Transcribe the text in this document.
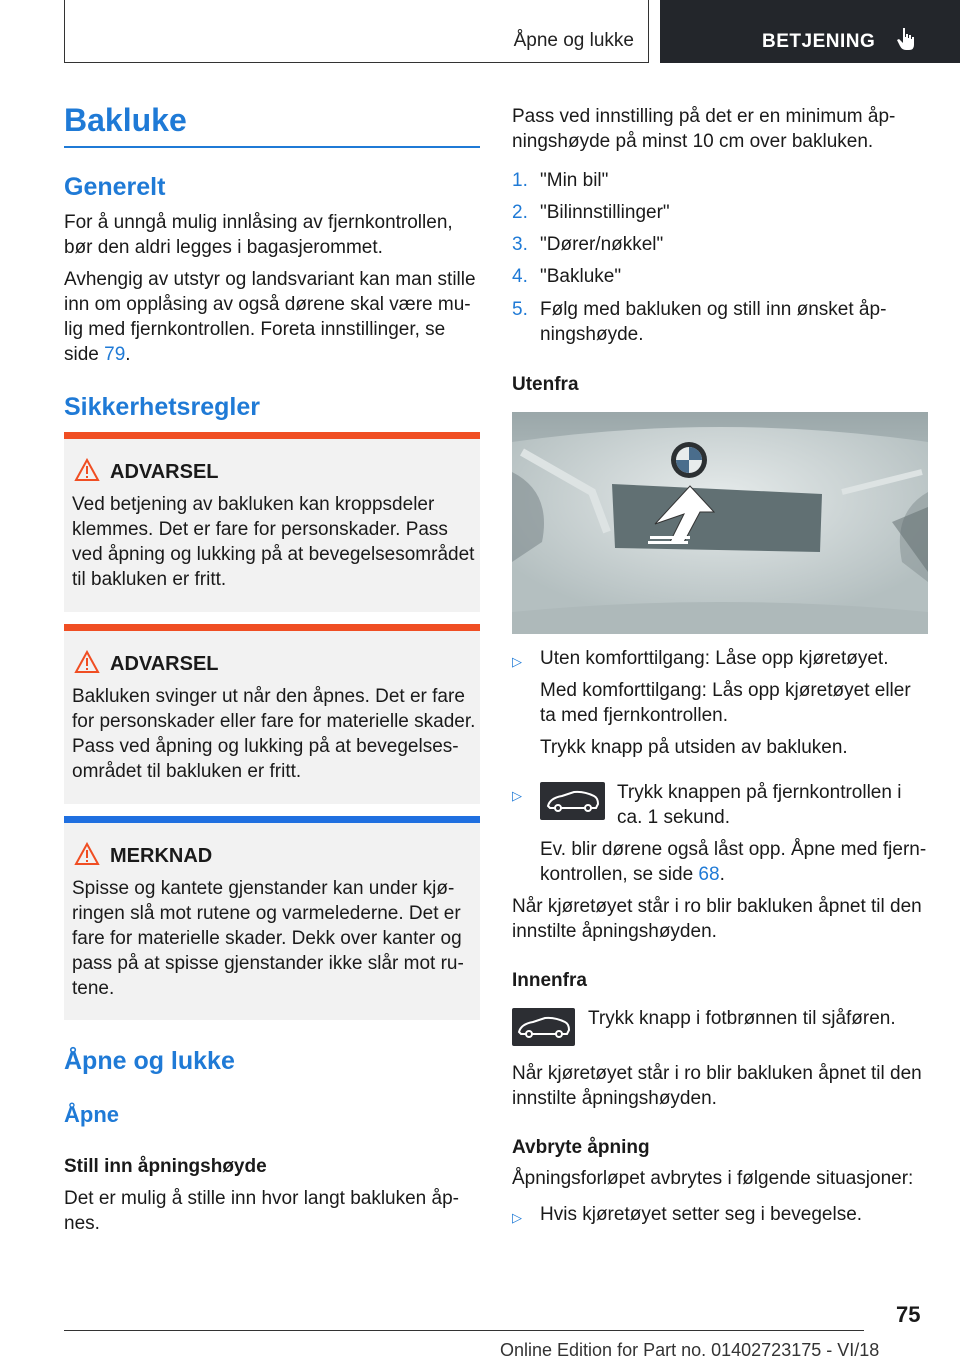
Åpne og lukke	BETJENING
Bakluke
Generelt

For å unngå mulig innlåsing av fjernkontrollen, bør den aldri legges i bagasjerommet.

Avhengig av utstyr og landsvariant kan man stille inn om opplåsing av også dørene skal være mulig med fjernkontrollen. Foreta innstillinger, se side 79.

Sikkerhetsregler
ADVARSEL
Ved betjening av bakluken kan kroppsdeler klemmes. Det er fare for personskader. Pass ved åpning og lukking på at bevegelsesområdet til bakluken er fritt.
ADVARSEL
Bakluken svinger ut når den åpnes. Det er fare for personskader eller fare for materielle skader. Pass ved åpning og lukking på at bevegelsesområdet til bakluken er fritt.
MERKNAD
Spisse og kantete gjenstander kan under kjøringen slå mot rutene og varmelederne. Det er fare for materielle skader. Dekk over kanter og pass på at spisse gjenstander ikke slår mot rutene.
Åpne og lukke
Åpne
Still inn åpningshøyde

Det er mulig å stille inn hvor langt bakluken åpnes.

Pass ved innstilling på det er en minimum åpningshøyde på minst 10 cm over bakluken.

1. "Min bil"
2. "Bilinnstillinger"
3. "Dører/nøkkel"
4. "Bakluke"
5. Følg med bakluken og still inn ønsket åpningshøyde.
Utenfra
▷ Uten komforttilgang: Låse opp kjøretøyet.

Med komforttilgang: Lås opp kjøretøyet eller ta med fjernkontrollen.

Trykk knapp på utsiden av bakluken.

▷	Trykk knappen på fjernkontrollen i ca. 1 sekund.

Ev. blir dørene også låst opp. Åpne med fjernkontrollen, se side 68.

Når kjøretøyet står i ro blir bakluken åpnet til den innstilte åpningshøyden.

Innenfra

Trykk knapp i fotbrønnen til sjåføren.

Når kjøretøyet står i ro blir bakluken åpnet til den innstilte åpningshøyden.

Avbryte åpning

Åpningsforløpet avbrytes i følgende situasjoner:

▷ Hvis kjøretøyet setter seg i bevegelse.

75
Online Edition for Part no. 01402723175 - VI/18
